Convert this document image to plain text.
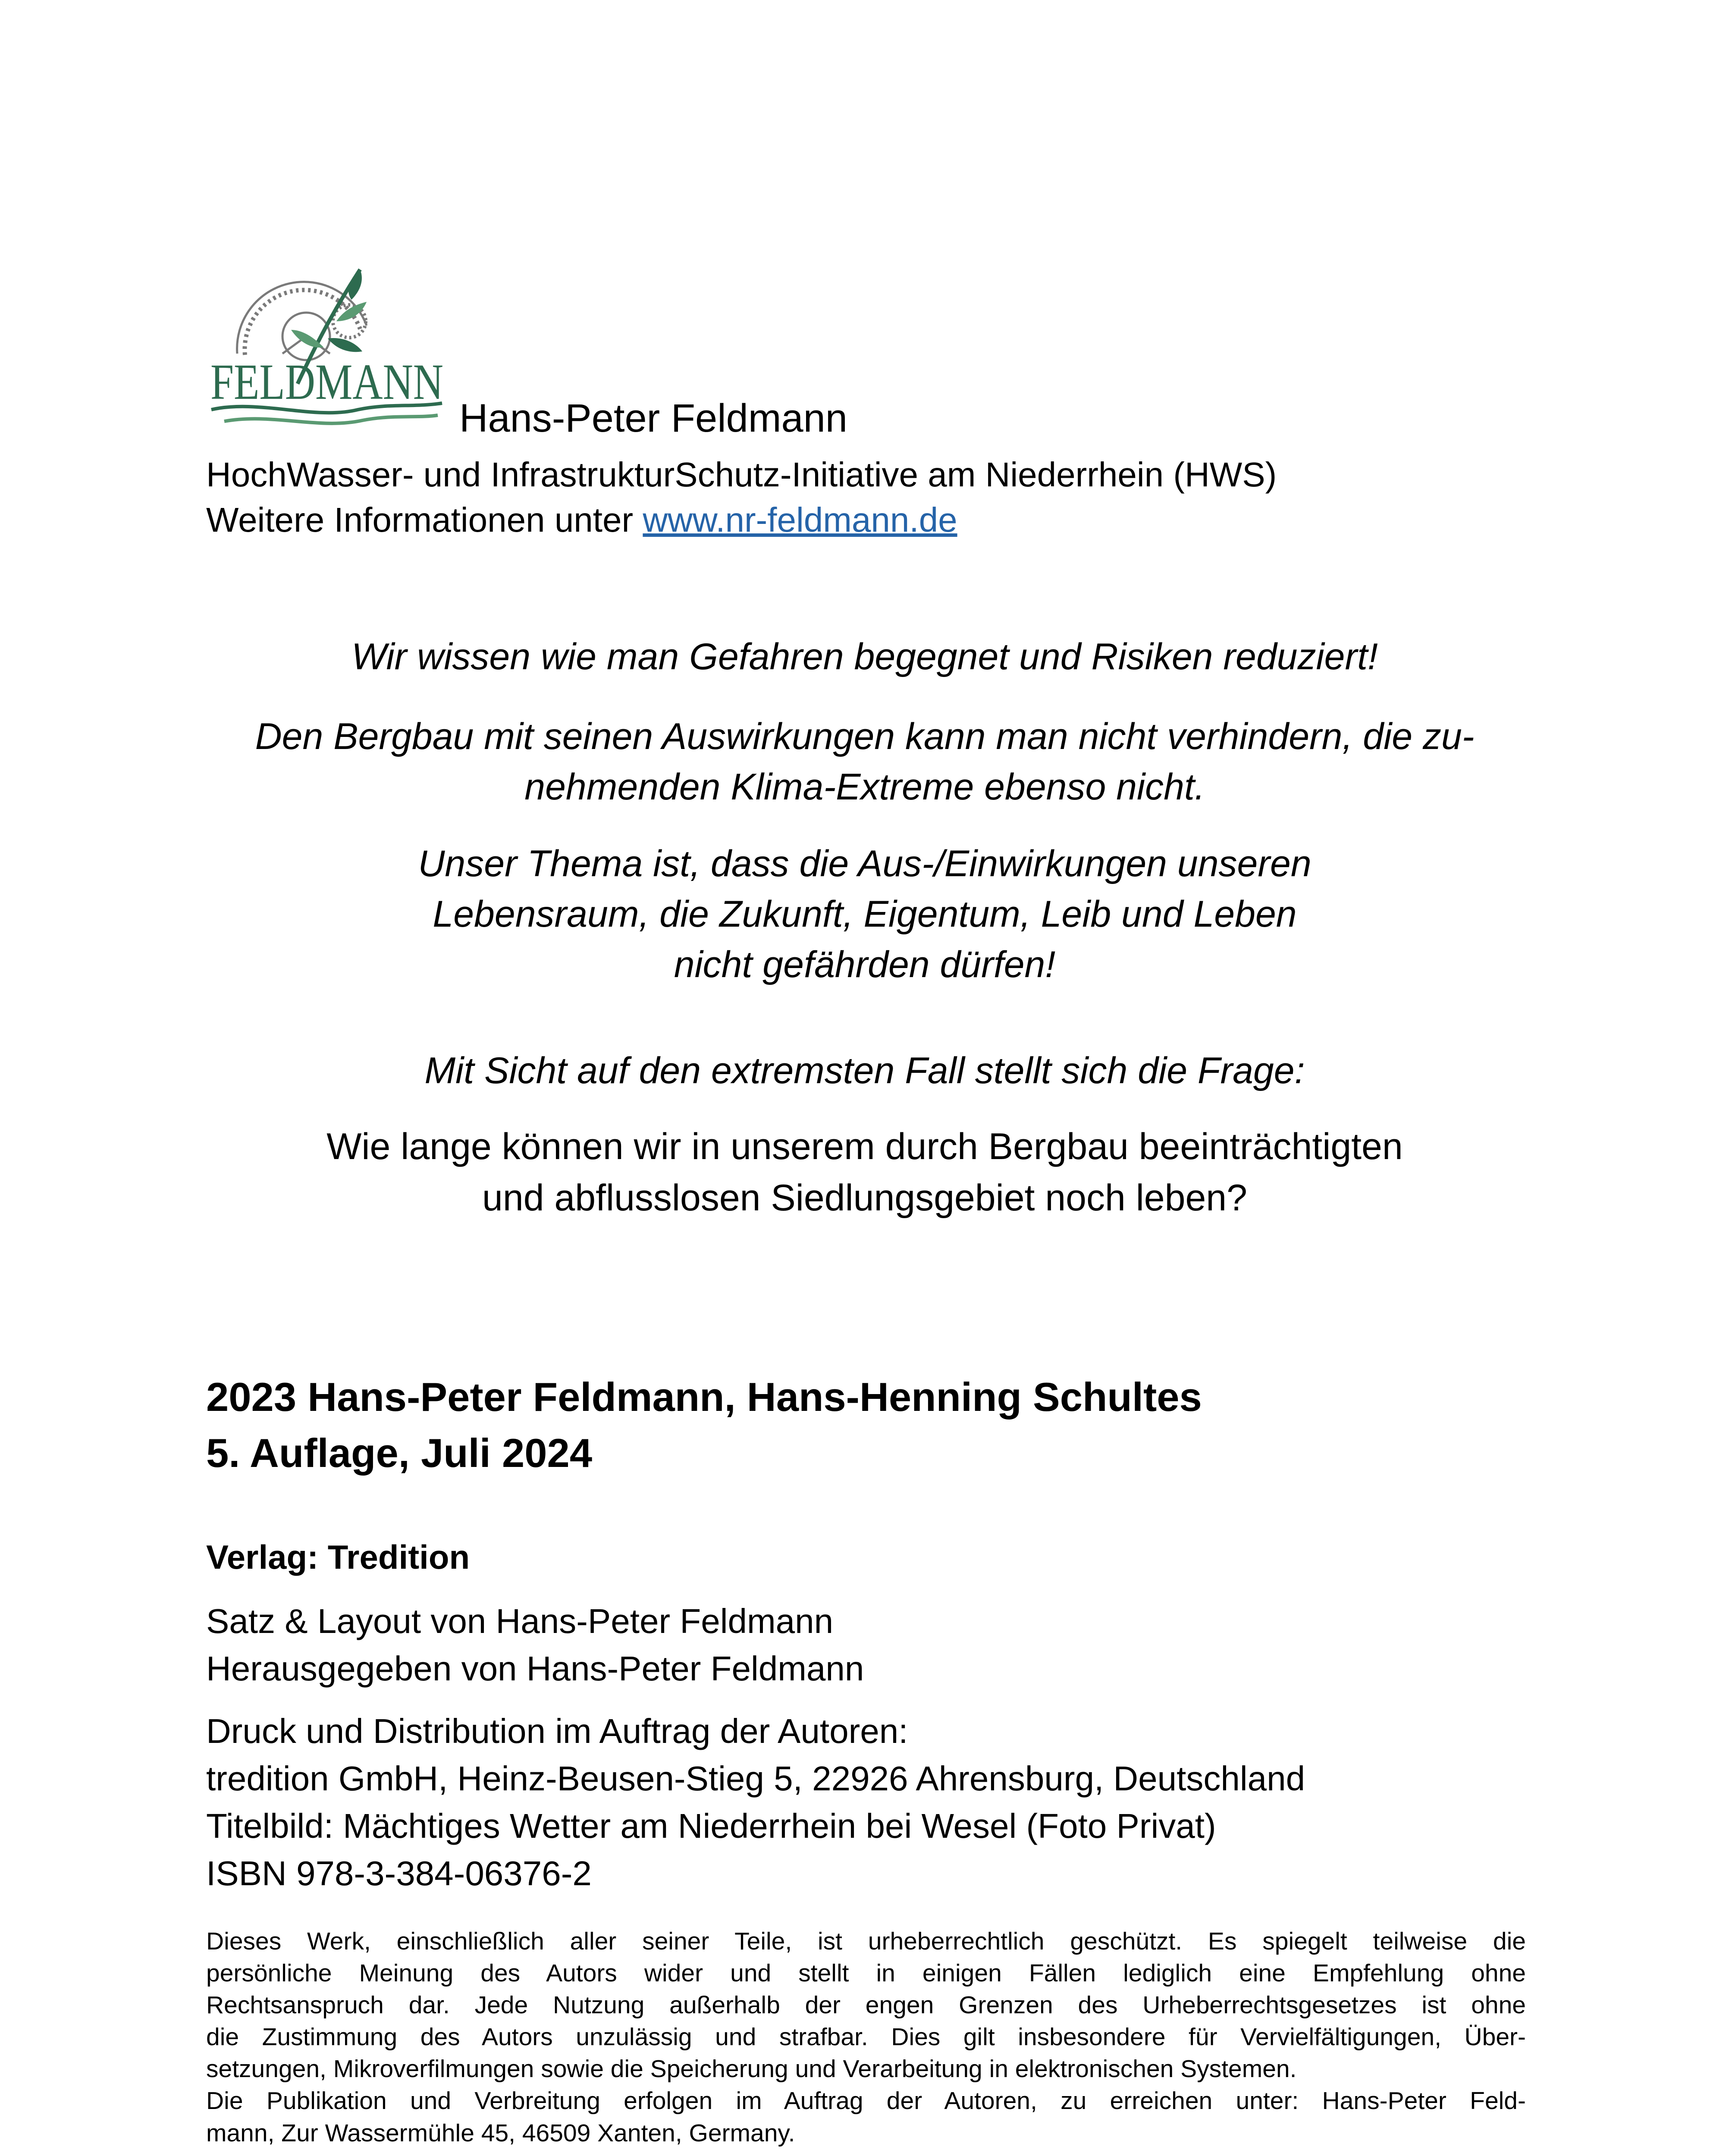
FELDMANN
Hans-Peter Feldmann
HochWasser- und InfrastrukturSchutz-Initiative am Niederrhein (HWS)
Weitere Informationen unter www.nr-feldmann.de
Wir wissen wie man Gefahren begegnet und Risiken reduziert!
Den Bergbau mit seinen Auswirkungen kann man nicht verhindern, die zu-
nehmenden Klima-Extreme ebenso nicht.
Unser Thema ist, dass die Aus-/Einwirkungen unseren
Lebensraum, die Zukunft, Eigentum, Leib und Leben
nicht gefährden dürfen!
Mit Sicht auf den extremsten Fall stellt sich die Frage:
Wie lange können wir in unserem durch Bergbau beeinträchtigten
und abflusslosen Siedlungsgebiet noch leben?
2023 Hans-Peter Feldmann, Hans-Henning Schultes
5. Auflage, Juli 2024
Verlag: Tredition
Satz & Layout von Hans-Peter Feldmann
Herausgegeben von Hans-Peter Feldmann
Druck und Distribution im Auftrag der Autoren:
tredition GmbH, Heinz-Beusen-Stieg 5, 22926 Ahrensburg, Deutschland
Titelbild: Mächtiges Wetter am Niederrhein bei Wesel (Foto Privat)
ISBN 978-3-384-06376-2
Dieses Werk, einschließlich aller seiner Teile, ist urheberrechtlich geschützt. Es spiegelt teilweise die
persönliche Meinung des Autors wider und stellt in einigen Fällen lediglich eine Empfehlung ohne
Rechtsanspruch dar. Jede Nutzung außerhalb der engen Grenzen des Urheberrechtsgesetzes ist ohne
die Zustimmung des Autors unzulässig und strafbar. Dies gilt insbesondere für Vervielfältigungen, Über-
setzungen, Mikroverfilmungen sowie die Speicherung und Verarbeitung in elektronischen Systemen.
Die Publikation und Verbreitung erfolgen im Auftrag der Autoren, zu erreichen unter: Hans-Peter Feld-
mann, Zur Wassermühle 45, 46509 Xanten, Germany.
